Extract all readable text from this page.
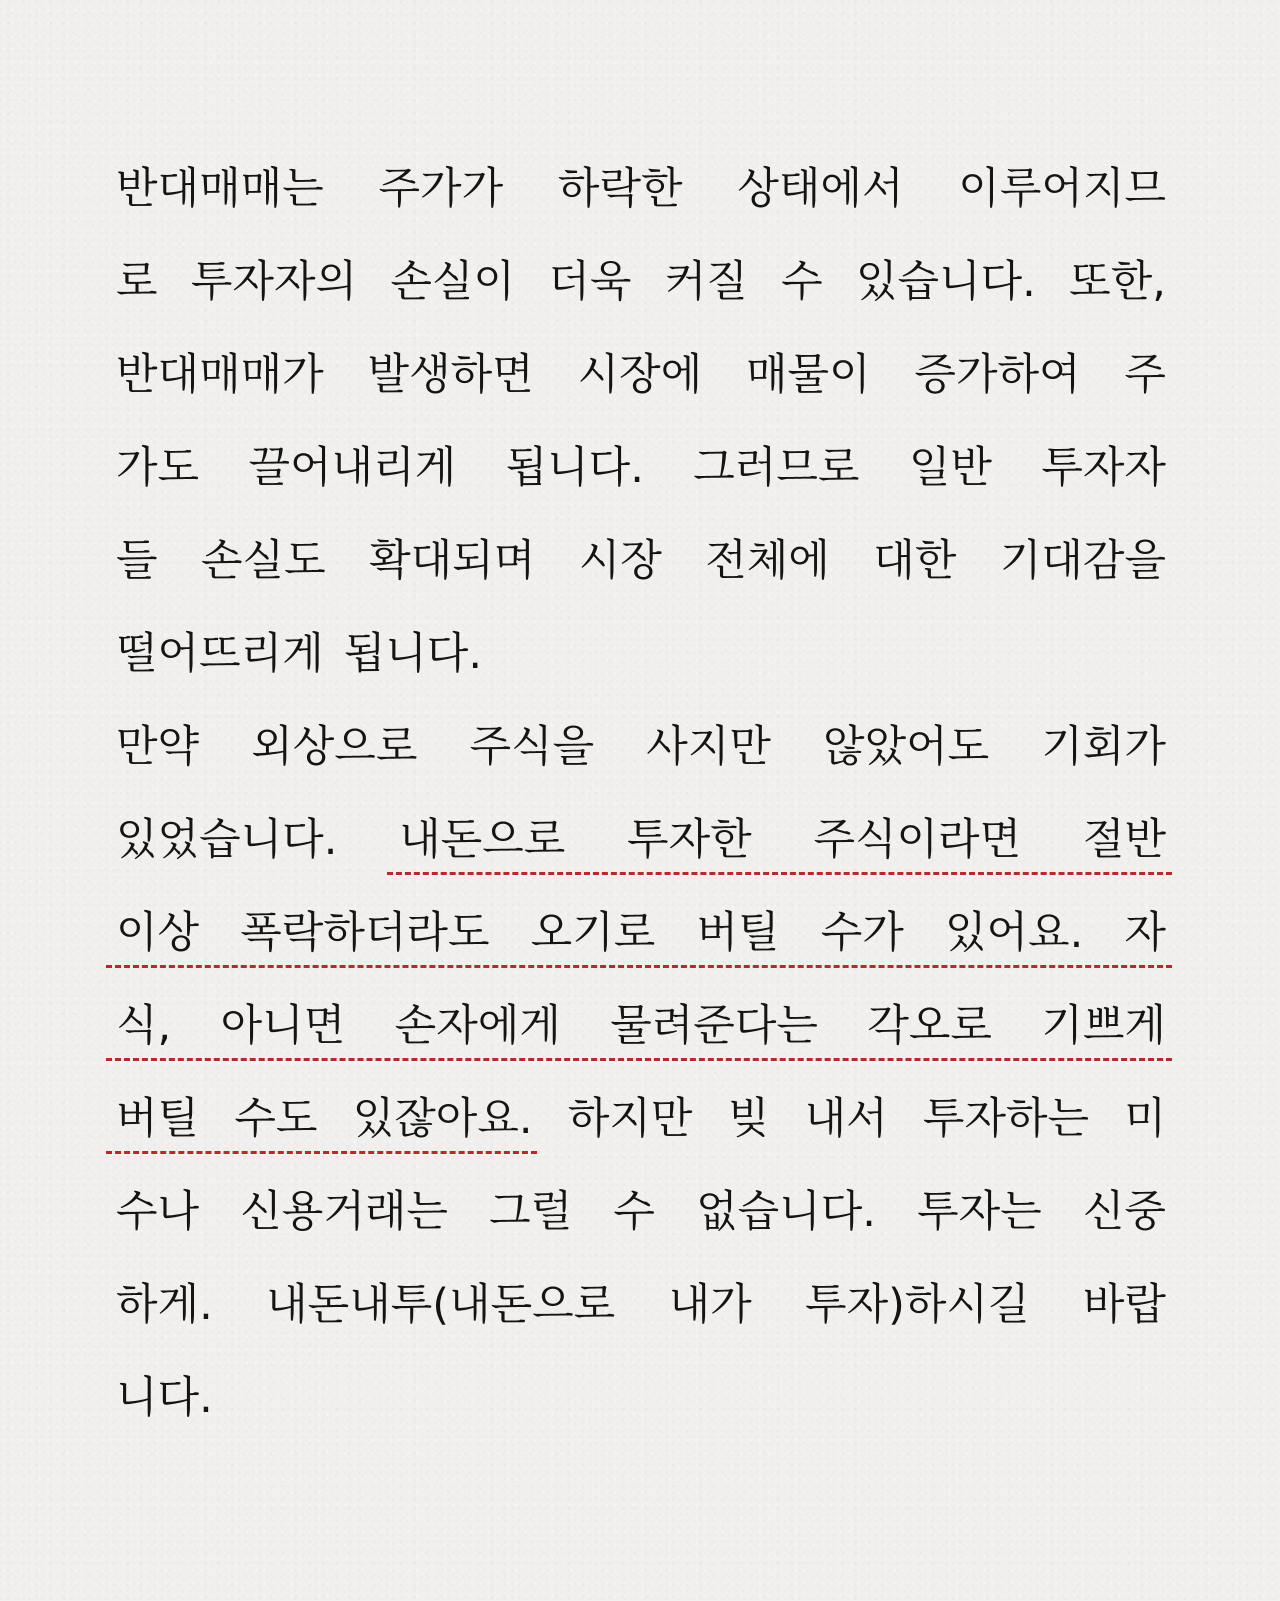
반대매매는 주가가 하락한 상태에서 이루어지므
로 투자자의 손실이 더욱 커질 수 있습니다. 또한,
반대매매가 발생하면 시장에 매물이 증가하여 주
가도 끌어내리게 됩니다. 그러므로 일반 투자자
들 손실도 확대되며 시장 전체에 대한 기대감을
떨어뜨리게 됩니다.
만약 외상으로 주식을 사지만 않았어도 기회가
있었습니다. 내돈으로 투자한 주식이라면 절반
이상 폭락하더라도 오기로 버틸 수가 있어요. 자
식, 아니면 손자에게 물려준다는 각오로 기쁘게
버틸 수도 있잖아요. 하지만 빚 내서 투자하는 미
수나 신용거래는 그럴 수 없습니다. 투자는 신중
하게. 내돈내투(내돈으로 내가 투자)하시길 바랍
니다.
